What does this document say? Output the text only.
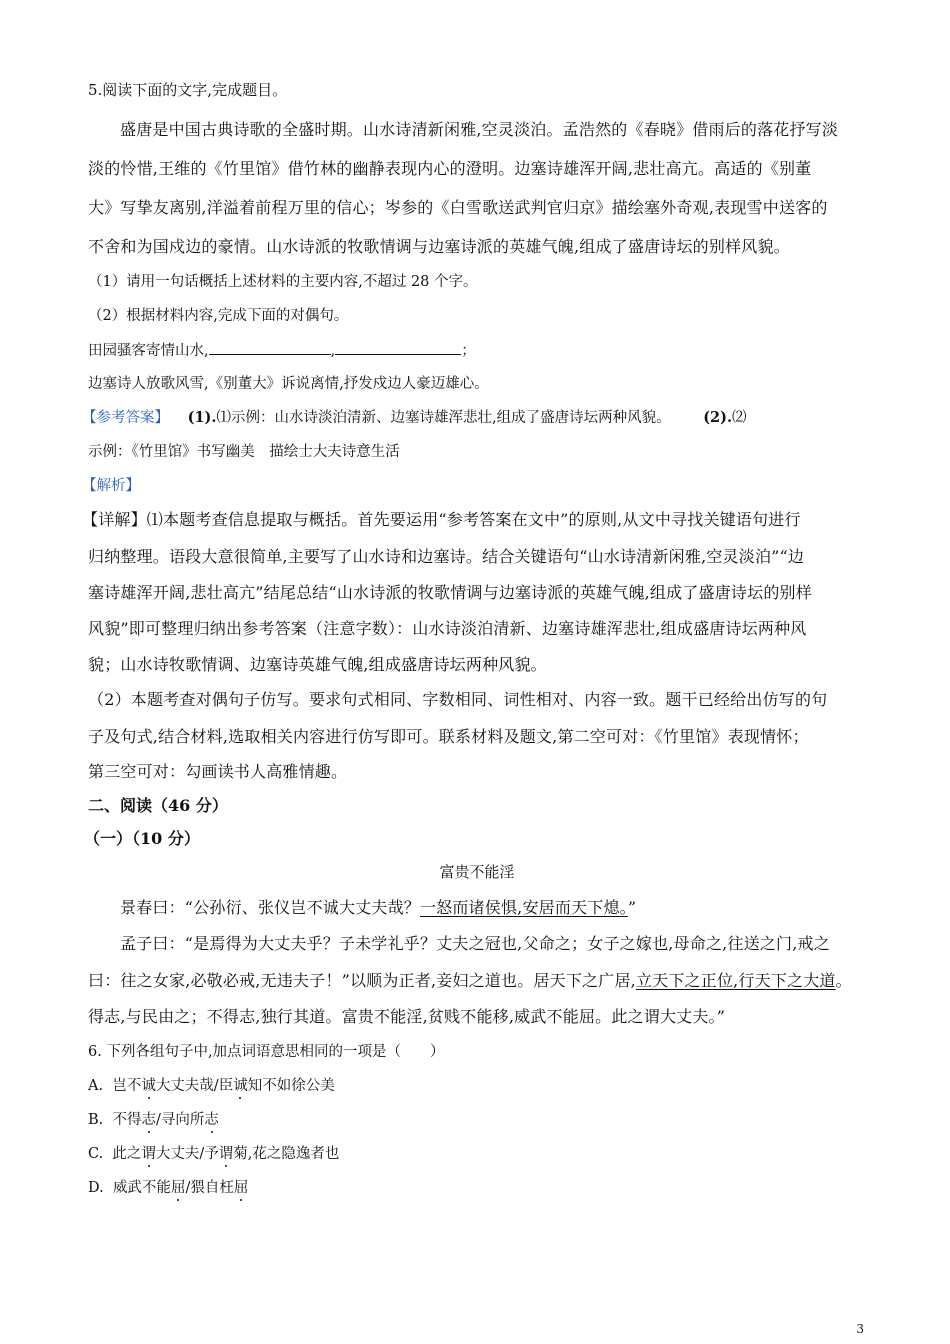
5.阅读下面的文字,完成题目。
盛唐是中国古典诗歌的全盛时期。山水诗清新闲雅,空灵淡泊。孟浩然的《春晓》借雨后的落花抒写淡
淡的怜惜,王维的《竹里馆》借竹林的幽静表现内心的澄明。边塞诗雄浑开阔,悲壮高亢。高适的《别董
大》写挚友离别,洋溢着前程万里的信心；岑参的《白雪歌送武判官归京》描绘塞外奇观,表现雪中送客的
不舍和为国戍边的豪情。山水诗派的牧歌情调与边塞诗派的英雄气魄,组成了盛唐诗坛的别样风貌。
（1）请用一句话概括上述材料的主要内容,不超过 28 个字。
（2）根据材料内容,完成下面的对偶句。
田园骚客寄情山水,	,	；
边塞诗人放歌风雪,《别董大》诉说离情,抒发戍边人豪迈雄心。
【参考答案】 (1).⑴示例：山水诗淡泊清新、边塞诗雄浑悲壮,组成了盛唐诗坛两种风貌。 (2).⑵
示例：《竹里馆》书写幽美　描绘士大夫诗意生活
【解析】
【详解】⑴本题考查信息提取与概括。首先要运用“参考答案在文中”的原则,从文中寻找关键语句进行
归纳整理。语段大意很简单,主要写了山水诗和边塞诗。结合关键语句“山水诗清新闲雅,空灵淡泊”“边
塞诗雄浑开阔,悲壮高亢”结尾总结“山水诗派的牧歌情调与边塞诗派的英雄气魄,组成了盛唐诗坛的别样
风貌”即可整理归纳出参考答案（注意字数）：山水诗淡泊清新、边塞诗雄浑悲壮,组成盛唐诗坛两种风
貌；山水诗牧歌情调、边塞诗英雄气魄,组成盛唐诗坛两种风貌。
（2）本题考查对偶句子仿写。要求句式相同、字数相同、词性相对、内容一致。题干已经给出仿写的句
子及句式,结合材料,选取相关内容进行仿写即可。联系材料及题文,第二空可对：《竹里馆》表现情怀；
第三空可对：勾画读书人高雅情趣。
二、阅读（46 分）
（一）（10 分）
富贵不能淫
景春曰：“公孙衍、张仪岂不诚大丈夫哉？一怒而诸侯惧,安居而天下熄。”
孟子曰：“是焉得为大丈夫乎？子未学礼乎？丈夫之冠也,父命之；女子之嫁也,母命之,往送之门,戒之
曰：往之女家,必敬必戒,无违夫子！”以顺为正者,妾妇之道也。居天下之广居,立天下之正位,行天下之大道。
得志,与民由之；不得志,独行其道。富贵不能淫,贫贱不能移,威武不能屈。此之谓大丈夫。”
6. 下列各组句子中,加点词语意思相同的一项是（　　）
A. 岂不诚大丈夫哉/臣诚知不如徐公美
B. 不得志/寻向所志
C. 此之谓大丈夫/予谓菊,花之隐逸者也
D. 威武不能屈/猥自枉屈
3
